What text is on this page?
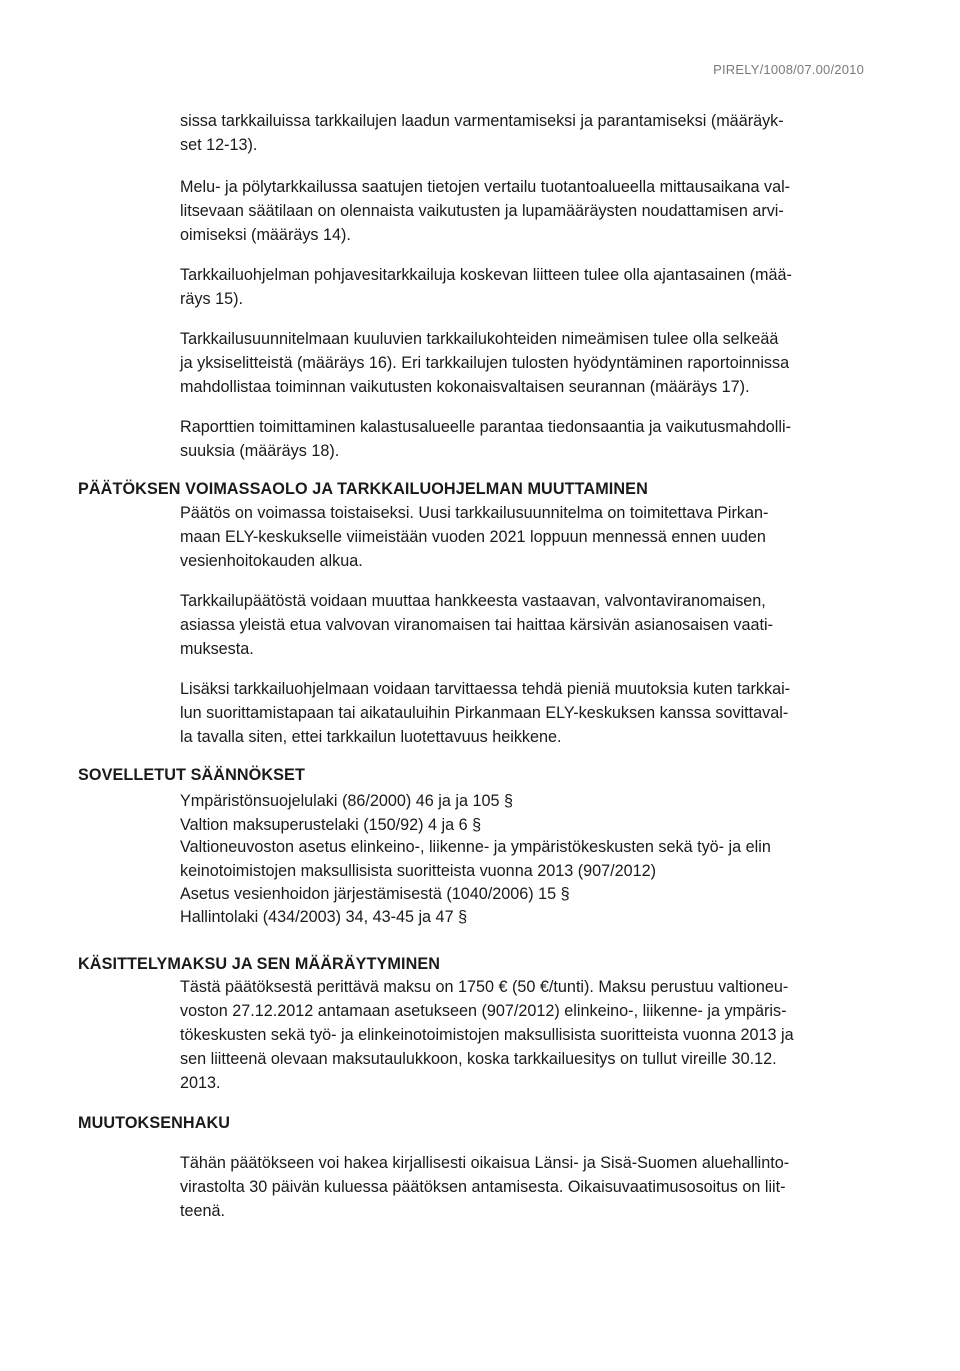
PIRELY/1008/07.00/2010
sissa tarkkailuissa tarkkailujen laadun varmentamiseksi ja parantamiseksi (määräyk-
set 12-13).
Melu- ja pölytarkkailussa saatujen tietojen vertailu tuotantoalueella mittausaikana val-
litsevaan säätilaan on olennaista vaikutusten ja lupamääräysten noudattamisen arvi-
oimiseksi (määräys 14).
Tarkkailuohjelman pohjavesitarkkailuja koskevan liitteen tulee olla ajantasainen (mää-
räys 15).
Tarkkailusuunnitelmaan kuuluvien tarkkailukohteiden nimeämisen tulee olla selkeää
ja yksiselitteistä (määräys 16). Eri tarkkailujen tulosten hyödyntäminen raportoinnissa
mahdollistaa toiminnan vaikutusten kokonaisvaltaisen seurannan (määräys 17).
Raporttien toimittaminen kalastusalueelle parantaa tiedonsaantia ja vaikutusmahdolli-
suuksia (määräys 18).
PÄÄTÖKSEN VOIMASSAOLO JA TARKKAILUOHJELMAN MUUTTAMINEN
Päätös on voimassa toistaiseksi. Uusi tarkkailusuunnitelma on toimitettava Pirkan-
maan ELY-keskukselle viimeistään vuoden 2021 loppuun mennessä ennen uuden
vesienhoitokauden alkua.
Tarkkailupäätöstä voidaan muuttaa hankkeesta vastaavan, valvontaviranomaisen,
asiassa yleistä etua valvovan viranomaisen tai haittaa kärsivän asianosaisen vaati-
muksesta.
Lisäksi tarkkailuohjelmaan voidaan tarvittaessa tehdä pieniä muutoksia kuten tarkkai-
lun suorittamistapaan tai aikatauluihin Pirkanmaan ELY-keskuksen kanssa sovittaval-
la tavalla siten, ettei tarkkailun luotettavuus heikkene.
SOVELLETUT SÄÄNNÖKSET
Ympäristönsuojelulaki (86/2000) 46 ja ja 105 §
Valtion maksuperustelaki (150/92) 4 ja 6 §
Valtioneuvoston asetus elinkeino-, liikenne- ja ympäristökeskusten sekä työ- ja elin
keinotoimistojen maksullisista suoritteista vuonna 2013 (907/2012)
Asetus vesienhoidon järjestämisestä (1040/2006) 15 §
Hallintolaki (434/2003) 34, 43-45 ja 47 §
KÄSITTELYMAKSU JA SEN MÄÄRÄYTYMINEN
Tästä päätöksestä perittävä maksu on 1750 € (50 €/tunti). Maksu perustuu valtioneu-
voston 27.12.2012 antamaan asetukseen (907/2012) elinkeino-, liikenne- ja ympäris-
tökeskusten sekä työ- ja elinkeinotoimistojen maksullisista suoritteista vuonna 2013 ja
sen liitteenä olevaan maksutaulukkoon, koska tarkkailuesitys on tullut vireille 30.12.
2013.
MUUTOKSENHAKU
Tähän päätökseen voi hakea kirjallisesti oikaisua Länsi- ja Sisä-Suomen aluehallinto-
virastolta 30 päivän kuluessa päätöksen antamisesta. Oikaisuvaatimusosoitus on liit-
teenä.
